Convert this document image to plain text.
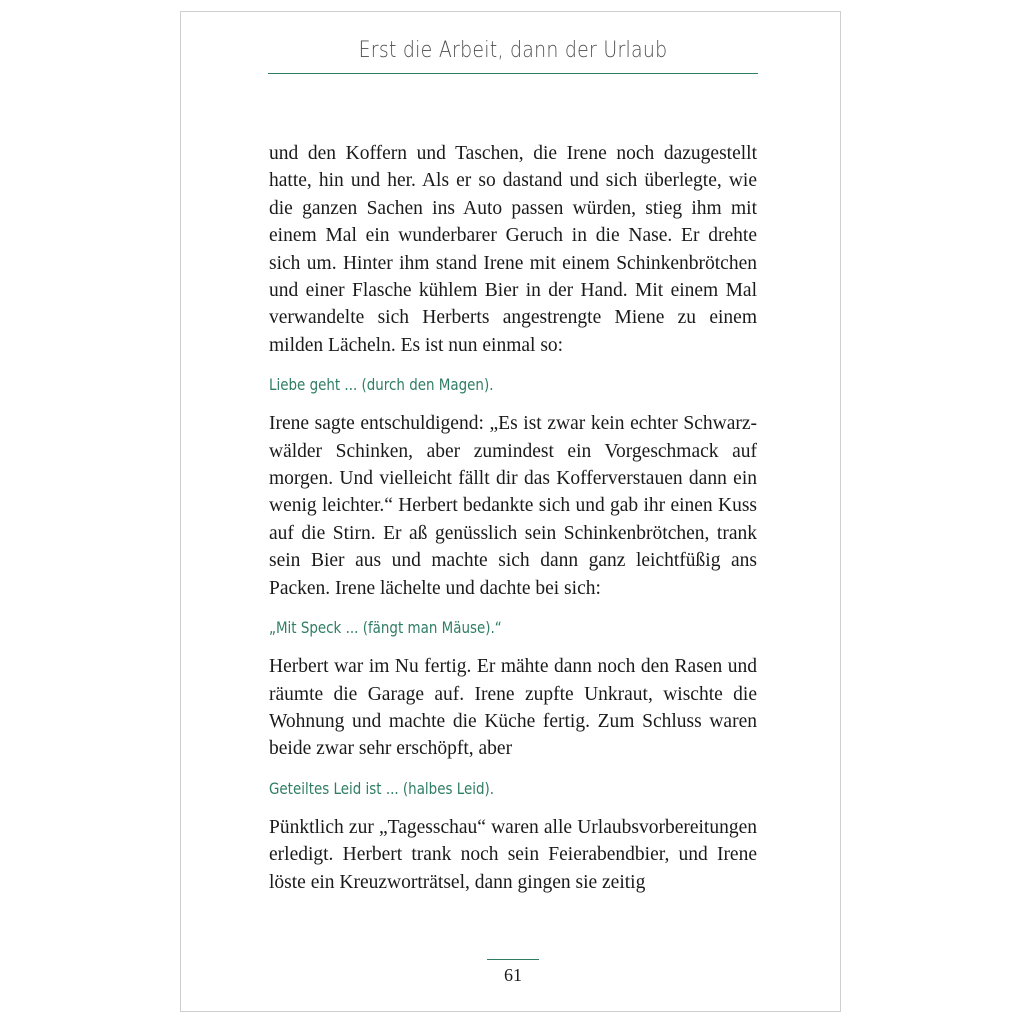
Erst die Arbeit, dann der Urlaub

und den Koffern und Taschen, die Irene noch dazugestellt hatte, hin und her. Als er so dastand und sich überlegte, wie die ganzen Sachen ins Auto passen würden, stieg ihm mit einem Mal ein wunderbarer Geruch in die Nase. Er drehte sich um. Hinter ihm stand Irene mit einem Schinkenbrötchen und einer Flasche kühlem Bier in der Hand. Mit einem Mal verwandelte sich Herberts angestrengte Miene zu einem milden Lächeln. Es ist nun einmal so:

Liebe geht ... (durch den Magen).

Irene sagte entschuldigend: „Es ist zwar kein echter Schwarzwälder Schinken, aber zumindest ein Vorgeschmack auf morgen. Und vielleicht fällt dir das Kofferverstauen dann ein wenig leichter.“ Herbert bedankte sich und gab ihr einen Kuss auf die Stirn. Er aß genüsslich sein Schinkenbrötchen, trank sein Bier aus und machte sich dann ganz leichtfüßig ans Packen. Irene lächelte und dachte bei sich:

„Mit Speck ... (fängt man Mäuse).“

Herbert war im Nu fertig. Er mähte dann noch den Rasen und räumte die Garage auf. Irene zupfte Unkraut, wischte die Wohnung und machte die Küche fertig. Zum Schluss waren beide zwar sehr erschöpft, aber

Geteiltes Leid ist ... (halbes Leid).

Pünktlich zur „Tagesschau“ waren alle Urlaubsvorbereitungen erledigt. Herbert trank noch sein Feierabendbier, und Irene löste ein Kreuzworträtsel, dann gingen sie zeitig

61
